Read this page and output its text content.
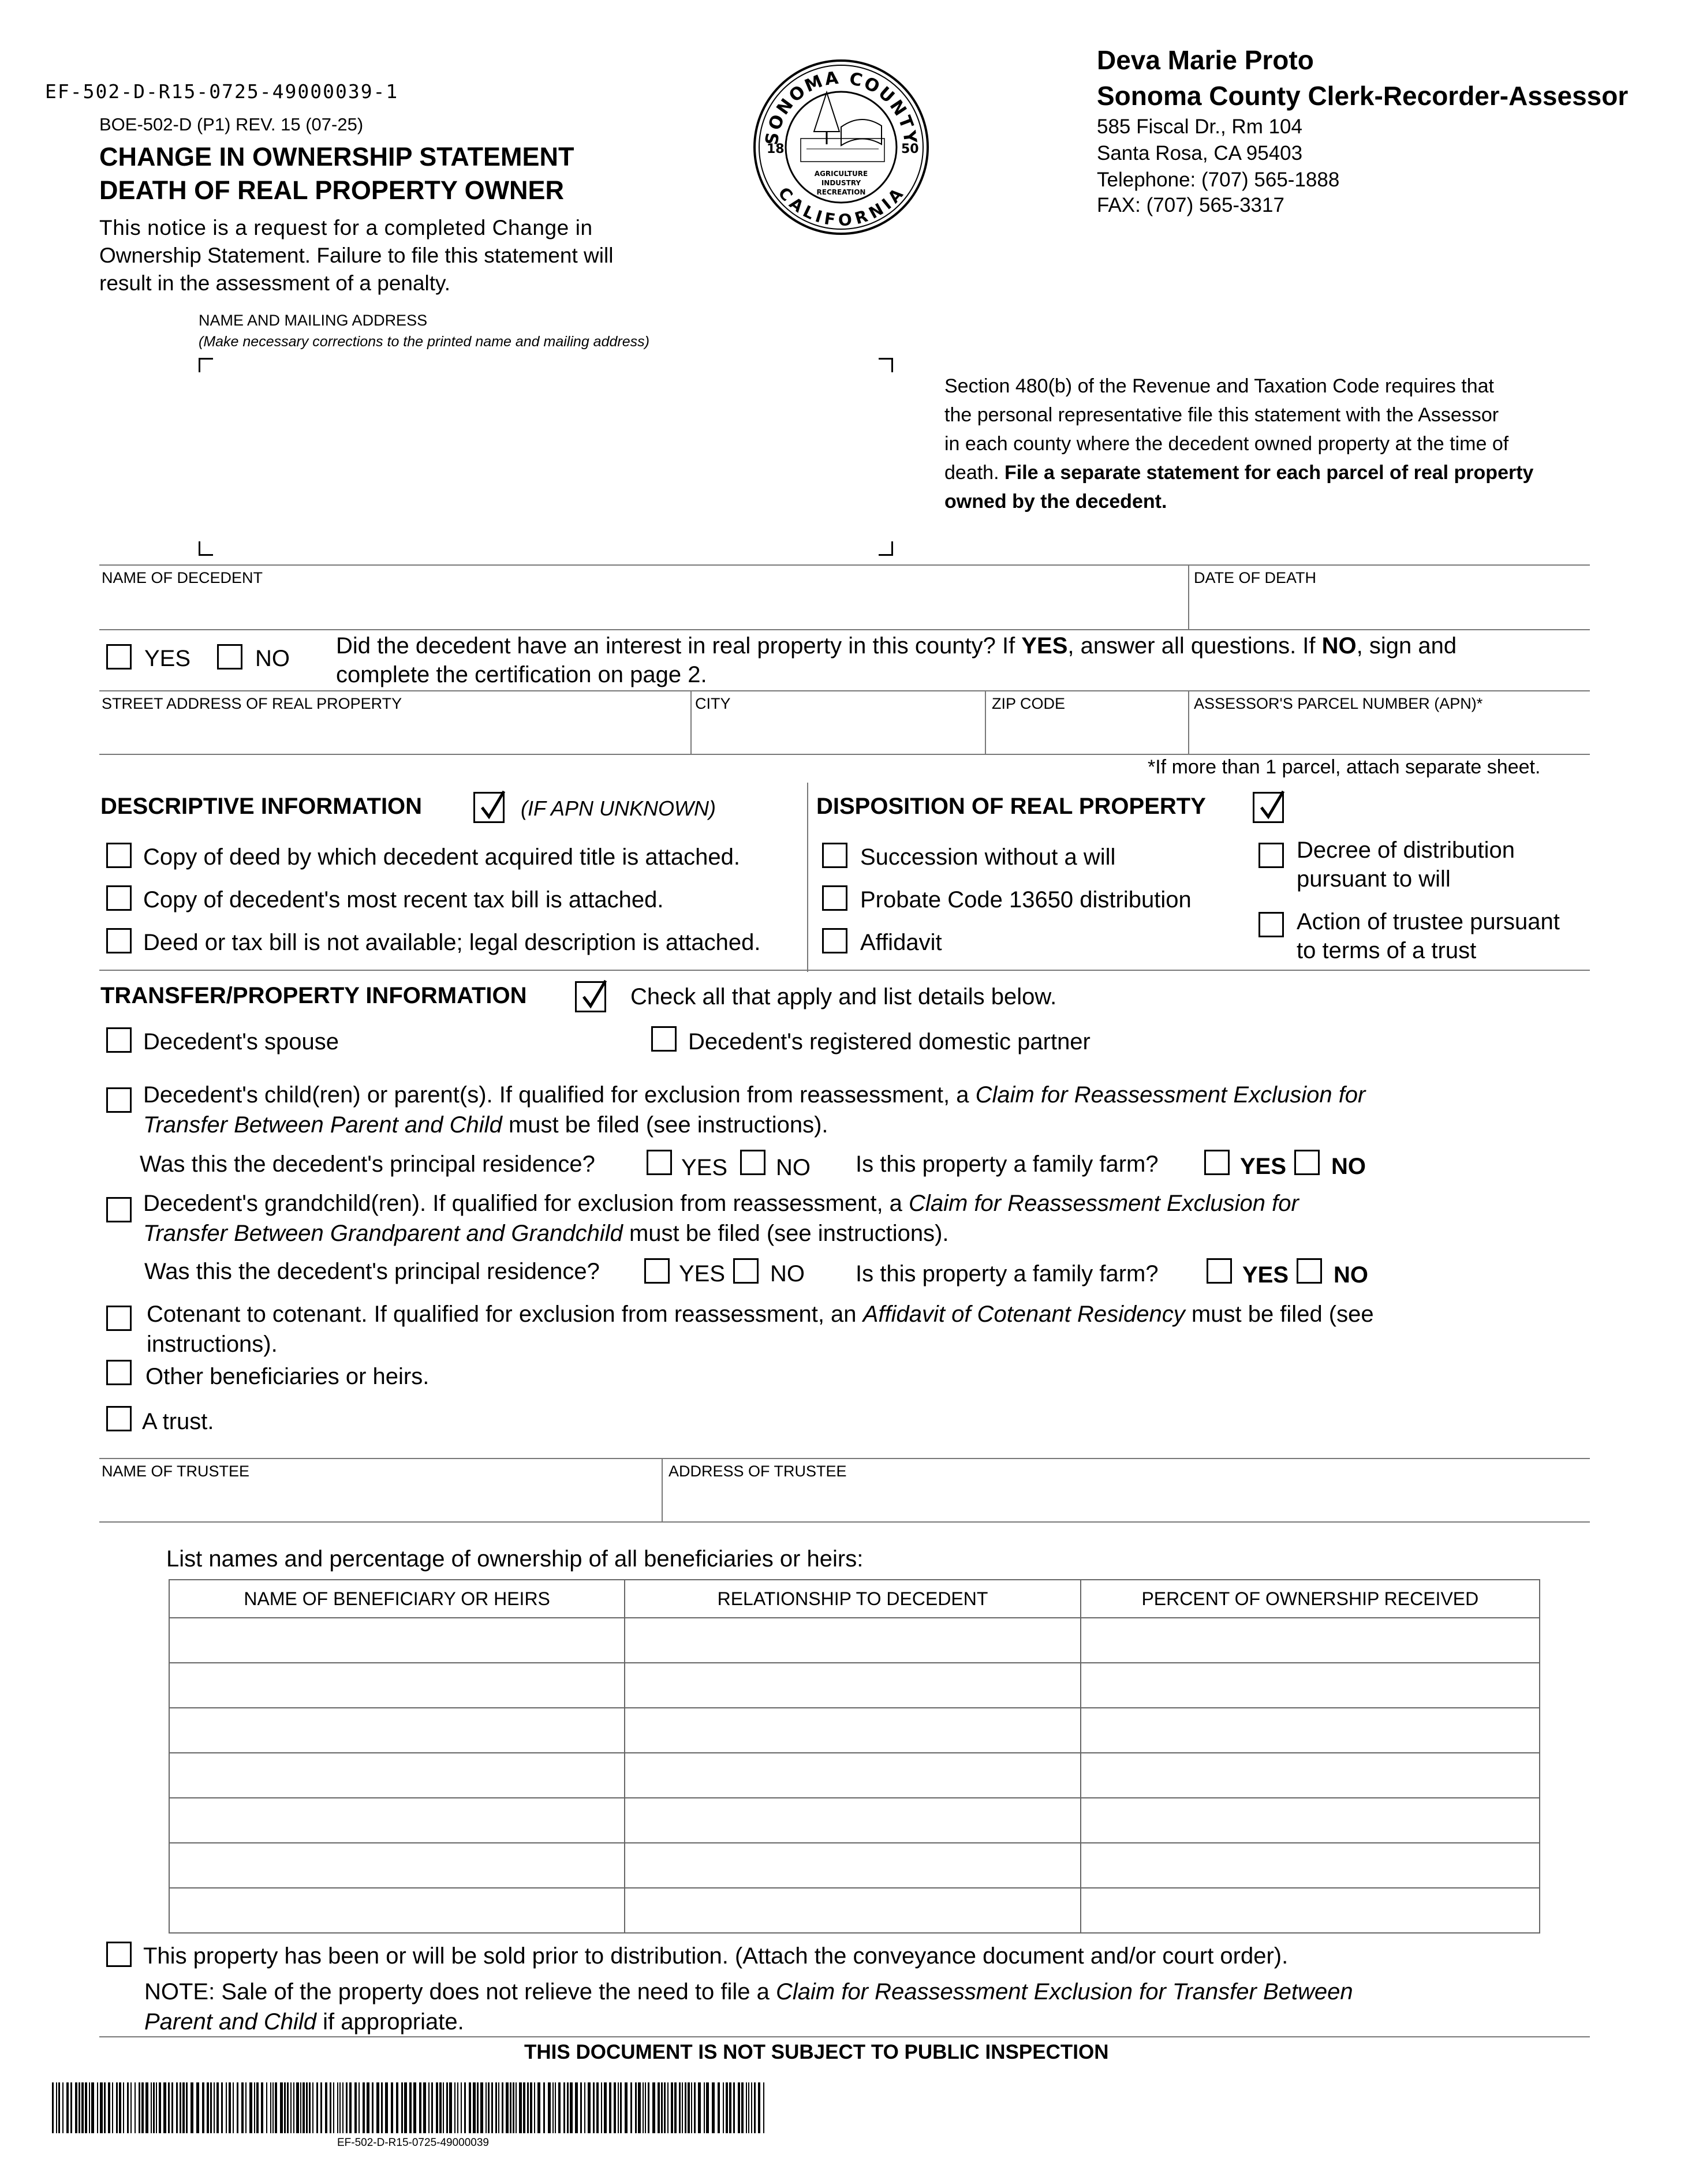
EF-502-D-R15-0725-49000039-1
BOE-502-D (P1) REV. 15 (07-25)
CHANGE IN OWNERSHIP STATEMENT
DEATH OF REAL PROPERTY OWNER
This notice is a request for a completed Change in
Ownership Statement. Failure to file this statement will
result in the assessment of a penalty.
SONOMA COUNTY
CALIFORNIA
18	50
AGRICULTURE
INDUSTRY
RECREATION
Deva Marie Proto
Sonoma County Clerk-Recorder-Assessor
585 Fiscal Dr., Rm 104
Santa Rosa, CA 95403
Telephone: (707) 565-1888
FAX: (707) 565-3317
NAME AND MAILING ADDRESS
(Make necessary corrections to the printed name and mailing address)
Section 480(b) of the Revenue and Taxation Code requires that
the personal representative file this statement with the Assessor
in each county where the decedent owned property at the time of
death. File a separate statement for each parcel of real property
owned by the decedent.
NAME OF DECEDENT	DATE OF DEATH
YES	NO Did the decedent have an interest in real property in this county? If YES, answer all questions. If NO, sign and
complete the certification on page 2.
STREET ADDRESS OF REAL PROPERTY	CITY	ZIP CODE	ASSESSOR'S PARCEL NUMBER (APN)*
*If more than 1 parcel, attach separate sheet.
DESCRIPTIVE INFORMATION	(IF APN UNKNOWN)
Copy of deed by which decedent acquired title is attached.
Copy of decedent's most recent tax bill is attached.
Deed or tax bill is not available; legal description is attached.
DISPOSITION OF REAL PROPERTY
Succession without a will
Probate Code 13650 distribution
Affidavit
Decree of distribution
pursuant to will
Action of trustee pursuant
to terms of a trust
TRANSFER/PROPERTY INFORMATION	Check all that apply and list details below.
Decedent's spouse	Decedent's registered domestic partner
Decedent's child(ren) or parent(s). If qualified for exclusion from reassessment, a Claim for Reassessment Exclusion for
Transfer Between Parent and Child must be filed (see instructions).
Was this the decedent's principal residence?	YES NO Is this property a family farm?	YES NO
Decedent's grandchild(ren). If qualified for exclusion from reassessment, a Claim for Reassessment Exclusion for
Transfer Between Grandparent and Grandchild must be filed (see instructions).
Was this the decedent's principal residence?	YES NO Is this property a family farm?	YES NO
Cotenant to cotenant. If qualified for exclusion from reassessment, an Affidavit of Cotenant Residency must be filed (see
instructions).
Other beneficiaries or heirs.
A trust.
NAME OF TRUSTEE	ADDRESS OF TRUSTEE
List names and percentage of ownership of all beneficiaries or heirs:
NAME OF BENEFICIARY OR HEIRS	RELATIONSHIP TO DECEDENT	PERCENT OF OWNERSHIP RECEIVED

This property has been or will be sold prior to distribution. (Attach the conveyance document and/or court order).
NOTE: Sale of the property does not relieve the need to file a Claim for Reassessment Exclusion for Transfer Between
Parent and Child if appropriate.
THIS DOCUMENT IS NOT SUBJECT TO PUBLIC INSPECTION
EF-502-D-R15-0725-49000039
